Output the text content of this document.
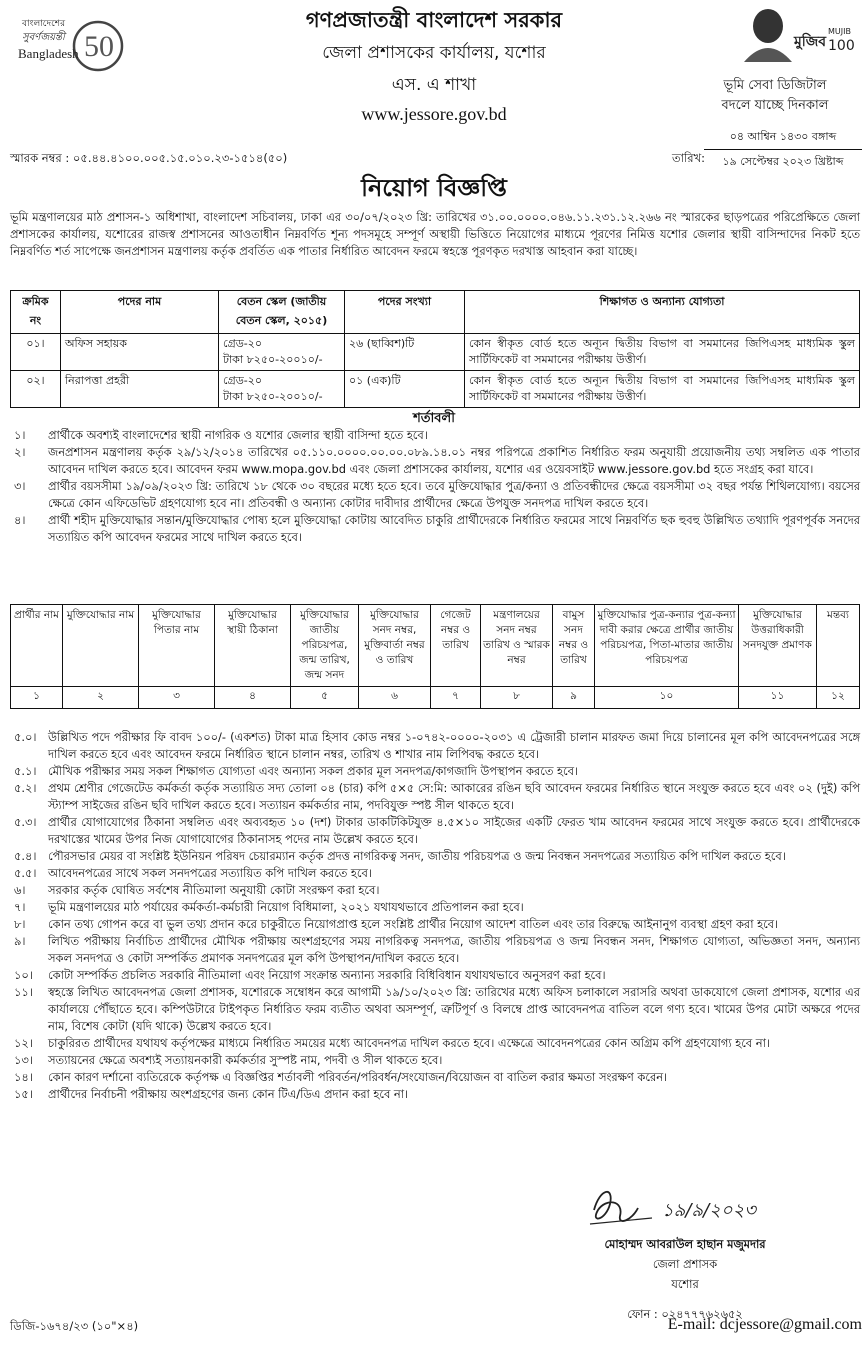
50
বাংলাদেশের
সুবর্ণজয়ন্তী
Bangladesh
গণপ্রজাতন্ত্রী বাংলাদেশ সরকার
জেলা প্রশাসকের কার্যালয়, যশোর
এস. এ শাখা
www.jessore.gov.bd
মুজিব
MUJIB
100
ভূমি সেবা ডিজিটাল
বদলে যাচ্ছে দিনকাল
স্মারক নম্বর : ০৫.৪৪.৪১০০.০০৫.১৫.০১০.২৩-১৫১৪(৫০)	তারিখ:
০৪ আশ্বিন ১৪৩০ বঙ্গাব্দ
১৯ সেপ্টেম্বর ২০২৩ খ্রিষ্টাব্দ
নিয়োগ বিজ্ঞপ্তি
ভূমি মন্ত্রণালয়ের মাঠ প্রশাসন-১ অধিশাখা, বাংলাদেশ সচিবালয়, ঢাকা এর ৩০/০৭/২০২৩ খ্রি: তারিখের ৩১.০০.০০০০.০৪৬.১১.২৩১.১২.২৬৬ নং স্মারকের ছাড়পত্রের পরিপ্রেক্ষিতে জেলা প্রশাসকের কার্যালয়, যশোরের রাজস্ব প্রশাসনের আওতাধীন নিম্নবর্ণিত শূন্য পদসমূহে সম্পূর্ণ অস্থায়ী ভিত্তিতে নিয়োগের মাধ্যমে পূরণের নিমিত্ত যশোর জেলার স্থায়ী বাসিন্দাদের নিকট হতে নিম্নবর্ণিত শর্ত সাপেক্ষে জনপ্রশাসন মন্ত্রণালয় কর্তৃক প্রবর্তিত এক পাতার নির্ধারিত আবেদন ফরমে স্বহস্তে পূরণকৃত দরখাস্ত আহবান করা যাচ্ছে।
ক্রমিক নং	পদের নাম	বেতন স্কেল (জাতীয় বেতন স্কেল, ২০১৫)	পদের সংখ্যা	শিক্ষাগত ও অন্যান্য যোগ্যতা
০১।	অফিস সহায়ক	গ্রেড-২০
টাকা ৮২৫০-২০০১০/-	২৬ (ছাব্বিশ)টি	কোন স্বীকৃত বোর্ড হতে অন্যূন দ্বিতীয় বিভাগ বা সমমানের জিপিএসহ মাধ্যমিক স্কুল সার্টিফিকেট বা সমমানের পরীক্ষায় উত্তীর্ণ।
০২।	নিরাপত্তা প্রহরী	গ্রেড-২০
টাকা ৮২৫০-২০০১০/-	০১ (এক)টি	কোন স্বীকৃত বোর্ড হতে অন্যূন দ্বিতীয় বিভাগ বা সমমানের জিপিএসহ মাধ্যমিক স্কুল সার্টিফিকেট বা সমমানের পরীক্ষায় উত্তীর্ণ।
শর্তাবলী
১।	প্রার্থীকে অবশ্যই বাংলাদেশের স্থায়ী নাগরিক ও যশোর জেলার স্থায়ী বাসিন্দা হতে হবে।
২।	জনপ্রশাসন মন্ত্রণালয় কর্তৃক ২৯/১২/২০১৪ তারিখের ০৫.১১০.০০০০.০০.০০.০৮৯.১৪.০১ নম্বর পরিপত্রে প্রকাশিত নির্ধারিত ফরম অনুযায়ী প্রয়োজনীয় তথ্য সম্বলিত এক পাতার আবেদন দাখিল করতে হবে। আবেদন ফরম www.mopa.gov.bd এবং জেলা প্রশাসকের কার্যালয়, যশোর এর ওয়েবসাইট www.jessore.gov.bd হতে সংগ্রহ করা যাবে।
৩।	প্রার্থীর বয়সসীমা ১৯/০৯/২০২৩ খ্রি: তারিখে ১৮ থেকে ৩০ বছরের মধ্যে হতে হবে। তবে মুক্তিযোদ্ধার পুত্র/কন্যা ও প্রতিবন্ধীদের ক্ষেত্রে বয়সসীমা ৩২ বছর পর্যন্ত শিথিলযোগ্য। বয়সের ক্ষেত্রে কোন এফিডেভিট গ্রহণযোগ্য হবে না। প্রতিবন্ধী ও অন্যান্য কোটার দাবীদার প্রার্থীদের ক্ষেত্রে উপযুক্ত সনদপত্র দাখিল করতে হবে।
৪।	প্রার্থী শহীদ মুক্তিযোদ্ধার সন্তান/মুক্তিযোদ্ধার পোষ্য হলে মুক্তিযোদ্ধা কোটায় আবেদিত চাকুরি প্রার্থীদেরকে নির্ধারিত ফরমের সাথে নিম্নবর্ণিত ছক হুবহু উল্লিখিত তথ্যাদি পূরণপূর্বক সনদের সত্যায়িত কপি আবেদন ফরমের সাথে দাখিল করতে হবে।
প্রার্থীর নাম	মুক্তিযোদ্ধার নাম	মুক্তিযোদ্ধার পিতার নাম	মুক্তিযোদ্ধার স্থায়ী ঠিকানা	মুক্তিযোদ্ধার জাতীয় পরিচয়পত্র, জন্ম তারিখ, জন্ম সনদ	মুক্তিযোদ্ধার সনদ নম্বর, মুক্তিবার্তা নম্বর ও তারিখ	গেজেট নম্বর ও তারিখ	মন্ত্রণালয়ের সনদ নম্বর তারিখ ও স্মারক নম্বর	বামুস সনদ নম্বর ও তারিখ	মুক্তিযোদ্ধার পুত্র-কন্যার পুত্র-কন্যা দাবী করার ক্ষেত্রে প্রার্থীর জাতীয় পরিচয়পত্র, পিতা-মাতার জাতীয় পরিচয়পত্র	মুক্তিযোদ্ধার উত্তরাধিকারী সনদযুক্ত প্রমাণক	মন্তব্য
১	২	৩	৪	৫	৬	৭	৮	৯	১০	১১	১২
৫.০।	উল্লিখিত পদে পরীক্ষার ফি বাবদ ১০০/- (একশত) টাকা মাত্র হিসাব কোড নম্বর ১-০৭৪২-০০০০-২০৩১ এ ট্রেজারী চালান মারফত জমা দিয়ে চালানের মূল কপি আবেদনপত্রের সঙ্গে দাখিল করতে হবে এবং আবেদন ফরমে নির্ধারিত স্থানে চালান নম্বর, তারিখ ও শাখার নাম লিপিবদ্ধ করতে হবে।
৫.১।	মৌখিক পরীক্ষার সময় সকল শিক্ষাগত যোগ্যতা এবং অন্যান্য সকল প্রকার মূল সনদপত্র/কাগজাদি উপস্থাপন করতে হবে।
৫.২।	প্রথম শ্রেণীর গেজেটেড কর্মকর্তা কর্তৃক সত্যায়িত সদ্য তোলা ০৪ (চার) কপি ৫×৫ সে:মি: আকারের রঙিন ছবি আবেদন ফরমের নির্ধারিত স্থানে সংযুক্ত করতে হবে এবং ০২ (দুই) কপি স্ট্যাম্প সাইজের রঙিন ছবি দাখিল করতে হবে। সত্যায়ন কর্মকর্তার নাম, পদবিযুক্ত স্পষ্ট সীল থাকতে হবে।
৫.৩।	প্রার্থীর যোগাযোগের ঠিকানা সম্বলিত এবং অব্যবহৃত ১০ (দশ) টাকার ডাকটিকিটযুক্ত ৪.৫×১০ সাইজের একটি ফেরত খাম আবেদন ফরমের সাথে সংযুক্ত করতে হবে। প্রার্থীদেরকে দরখাস্তের খামের উপর নিজ যোগাযোগের ঠিকানাসহ পদের নাম উল্লেখ করতে হবে।
৫.৪।	পৌরসভার মেয়র বা সংশ্লিষ্ট ইউনিয়ন পরিষদ চেয়ারম্যান কর্তৃক প্রদত্ত নাগরিকত্ব সনদ, জাতীয় পরিচয়পত্র ও জন্ম নিবন্ধন সনদপত্রের সত্যায়িত কপি দাখিল করতে হবে।
৫.৫।	আবেদনপত্রের সাথে সকল সনদপত্রের সত্যায়িত কপি দাখিল করতে হবে।
৬।	সরকার কর্তৃক ঘোষিত সর্বশেষ নীতিমালা অনুযায়ী কোটা সংরক্ষণ করা হবে।
৭।	ভূমি মন্ত্রণালয়ের মাঠ পর্যায়ের কর্মকর্তা-কর্মচারী নিয়োগ বিধিমালা, ২০২১ যথাযথভাবে প্রতিপালন করা হবে।
৮।	কোন তথ্য গোপন করে বা ভুল তথ্য প্রদান করে চাকুরীতে নিয়োগপ্রাপ্ত হলে সংশ্লিষ্ট প্রার্থীর নিয়োগ আদেশ বাতিল এবং তার বিরুদ্ধে আইনানুগ ব্যবস্থা গ্রহণ করা হবে।
৯।	লিখিত পরীক্ষায় নির্বাচিত প্রার্থীদের মৌখিক পরীক্ষায় অংশগ্রহণের সময় নাগরিকত্ব সনদপত্র, জাতীয় পরিচয়পত্র ও জন্ম নিবন্ধন সনদ, শিক্ষাগত যোগ্যতা, অভিজ্ঞতা সনদ, অন্যান্য সকল সনদপত্র ও কোটা সম্পর্কিত প্রমাণক সনদপত্রের মূল কপি উপস্থাপন/দাখিল করতে হবে।
১০।	কোটা সম্পর্কিত প্রচলিত সরকারি নীতিমালা এবং নিয়োগ সংক্রান্ত অন্যান্য সরকারি বিধিবিধান যথাযথভাবে অনুসরণ করা হবে।
১১।	স্বহস্তে লিখিত আবেদনপত্র জেলা প্রশাসক, যশোরকে সম্বোধন করে আগামী ১৯/১০/২০২৩ খ্রি: তারিখের মধ্যে অফিস চলাকালে সরাসরি অথবা ডাকযোগে জেলা প্রশাসক, যশোর এর কার্যালয়ে পৌঁছাতে হবে। কম্পিউটারে টাইপকৃত নির্ধারিত ফরম ব্যতীত অথবা অসম্পূর্ণ, ত্রুটিপূর্ণ ও বিলম্বে প্রাপ্ত আবেদনপত্র বাতিল বলে গণ্য হবে। খামের উপর মোটা অক্ষরে পদের নাম, বিশেষ কোটা (যদি থাকে) উল্লেখ করতে হবে।
১২।	চাকুরিরত প্রার্থীদের যথাযথ কর্তৃপক্ষের মাধ্যমে নির্ধারিত সময়ের মধ্যে আবেদনপত্র দাখিল করতে হবে। এক্ষেত্রে আবেদনপত্রের কোন অগ্রিম কপি গ্রহণযোগ্য হবে না।
১৩।	সত্যায়নের ক্ষেত্রে অবশ্যই সত্যায়নকারী কর্মকর্তার সুস্পষ্ট নাম, পদবী ও সীল থাকতে হবে।
১৪।	কোন কারণ দর্শানো ব্যতিরেকে কর্তৃপক্ষ এ বিজ্ঞপ্তির শর্তাবলী পরিবর্তন/পরিবর্ধন/সংযোজন/বিয়োজন বা বাতিল করার ক্ষমতা সংরক্ষণ করেন।
১৫।	প্রার্থীদের নির্বাচনী পরীক্ষায় অংশগ্রহণের জন্য কোন টিএ/ডিএ প্রদান করা হবে না।
১৯/৯/২০২৩
মোহাম্মদ আবরাউল হাছান মজুমদার
জেলা প্রশাসক
যশোর
ফোন : ০২৪৭৭৭৬২৬৫২
ডিজি-১৬৭৪/২৩ (১০"×৪)	E-mail: dcjessore@gmail.com
